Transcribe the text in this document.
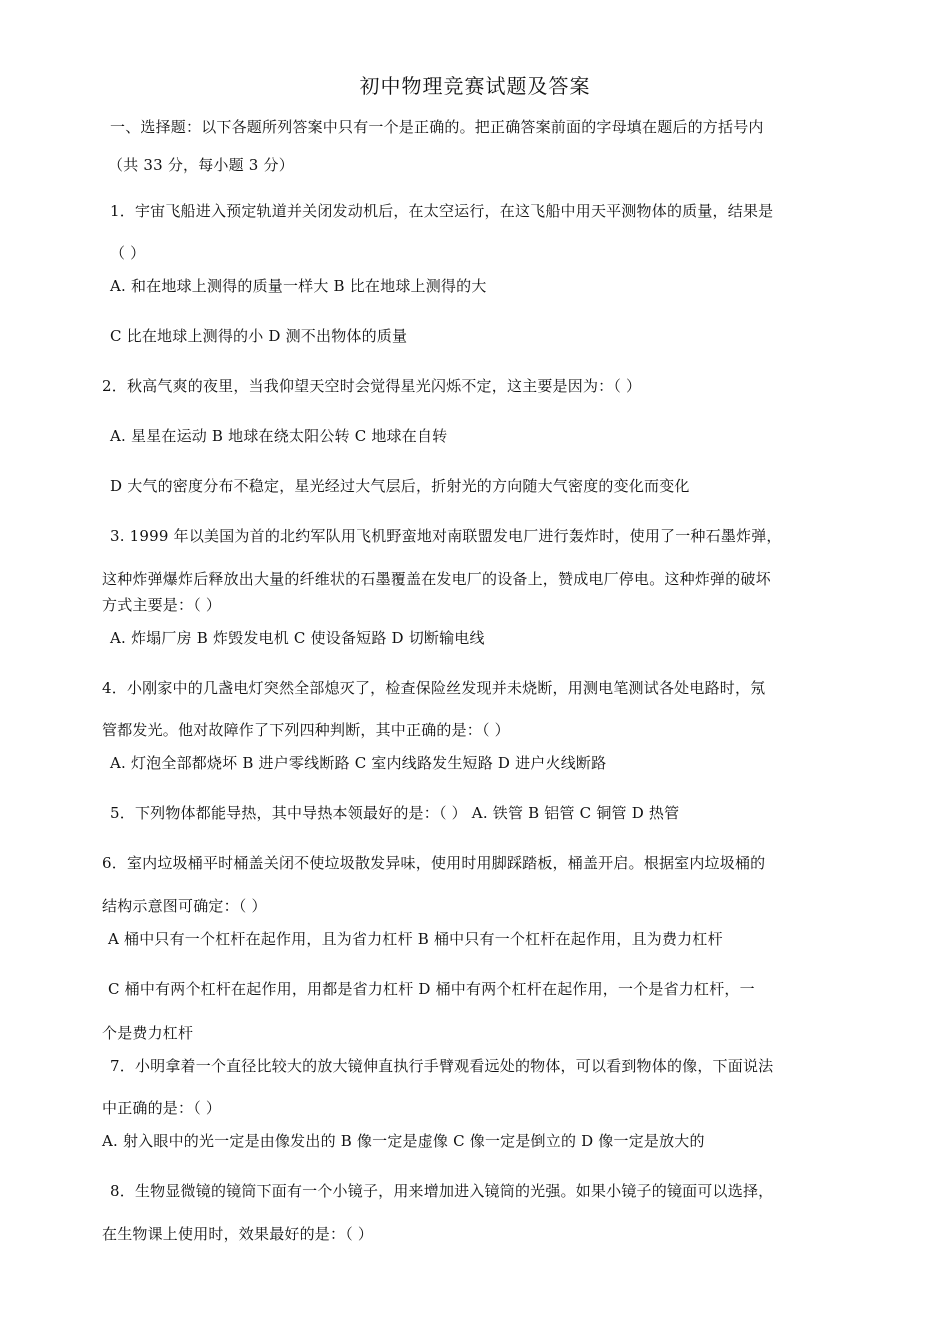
初中物理竞赛试题及答案
一、选择题：以下各题所列答案中只有一个是正确的。把正确答案前面的字母填在题后的方括号内
（共 33 分，每小题 3 分）
1．宇宙飞船进入预定轨道并关闭发动机后，在太空运行，在这飞船中用天平测物体的质量，结果是
（ ）
A. 和在地球上测得的质量一样大 B 比在地球上测得的大
C 比在地球上测得的小 D 测不出物体的质量
2．秋高气爽的夜里，当我仰望天空时会觉得星光闪烁不定，这主要是因为：（ ）
A. 星星在运动 B 地球在绕太阳公转 C 地球在自转
D 大气的密度分布不稳定，星光经过大气层后，折射光的方向随大气密度的变化而变化
3. 1999 年以美国为首的北约军队用飞机野蛮地对南联盟发电厂进行轰炸时，使用了一种石墨炸弹，
这种炸弹爆炸后释放出大量的纤维状的石墨覆盖在发电厂的设备上，赞成电厂停电。这种炸弹的破坏
方式主要是：（ ）
A. 炸塌厂房 B 炸毁发电机 C 使设备短路 D 切断输电线
4．小刚家中的几盏电灯突然全部熄灭了，检查保险丝发现并未烧断，用测电笔测试各处电路时，氖
管都发光。他对故障作了下列四种判断，其中正确的是：（ ）
A. 灯泡全部都烧坏 B 进户零线断路 C 室内线路发生短路 D 进户火线断路
5．下列物体都能导热，其中导热本领最好的是：（ ） A. 铁管 B 铝管 C 铜管 D 热管
6．室内垃圾桶平时桶盖关闭不使垃圾散发异味，使用时用脚踩踏板，桶盖开启。根据室内垃圾桶的
结构示意图可确定：（ ）
A 桶中只有一个杠杆在起作用，且为省力杠杆 B 桶中只有一个杠杆在起作用，且为费力杠杆
C 桶中有两个杠杆在起作用，用都是省力杠杆 D 桶中有两个杠杆在起作用，一个是省力杠杆，一
个是费力杠杆
7．小明拿着一个直径比较大的放大镜伸直执行手臂观看远处的物体，可以看到物体的像，下面说法
中正确的是：（ ）
A. 射入眼中的光一定是由像发出的 B 像一定是虚像 C 像一定是倒立的 D 像一定是放大的
8．生物显微镜的镜筒下面有一个小镜子，用来增加进入镜筒的光强。如果小镜子的镜面可以选择，
在生物课上使用时，效果最好的是：（ ）
